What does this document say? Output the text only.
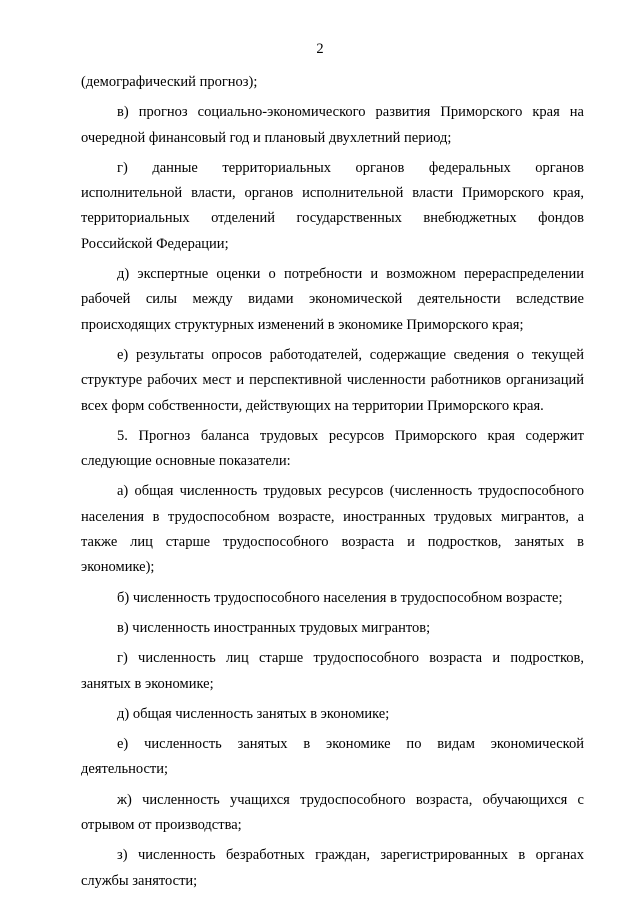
2

(демографический прогноз);

в) прогноз социально-экономического развития Приморского края на очередной финансовый год и плановый двухлетний период;

г) данные территориальных органов федеральных органов исполнительной власти, органов исполнительной власти Приморского края, территориальных отделений государственных внебюджетных фондов Российской Федерации;

д) экспертные оценки о потребности и возможном перераспределении рабочей силы между видами экономической деятельности вследствие происходящих структурных изменений в экономике Приморского края;

е) результаты опросов работодателей, содержащие сведения о текущей структуре рабочих мест и перспективной численности работников организаций всех форм собственности, действующих на территории Приморского края.

5. Прогноз баланса трудовых ресурсов Приморского края содержит следующие основные показатели:

а) общая численность трудовых ресурсов (численность трудоспособного населения в трудоспособном возрасте, иностранных трудовых мигрантов, а также лиц старше трудоспособного возраста и подростков, занятых в экономике);

б) численность трудоспособного населения в трудоспособном возрасте;

в) численность иностранных трудовых мигрантов;

г) численность лиц старше трудоспособного возраста и подростков, занятых в экономике;

д) общая численность занятых в экономике;

е) численность занятых в экономике по видам экономической деятельности;

ж) численность учащихся трудоспособного возраста, обучающихся с отрывом от производства;

з) численность безработных граждан, зарегистрированных в органах службы занятости;
